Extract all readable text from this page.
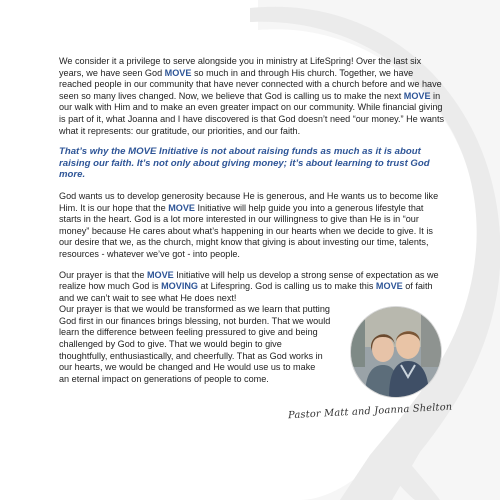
We consider it a privilege to serve alongside you in ministry at LifeSpring! Over the last six years, we have seen God MOVE so much in and through His church. Together, we have reached people in our community that have never connected with a church before and we have seen so many lives changed. Now, we believe that God is calling us to make the next MOVE in our walk with Him and to make an even greater impact on our community. While financial giving is part of it, what Joanna and I have discovered is that God doesn’t need “our money.” He wants what it represents: our gratitude, our priorities, and our faith.

That’s why the MOVE Initiative is not about raising funds as much as it is about raising our faith. It’s not only about giving money; it’s about learning to trust God more.

God wants us to develop generosity because He is generous, and He wants us to become like Him. It is our hope that the MOVE Initiative will help guide you into a generous lifestyle that starts in the heart. God is a lot more interested in our willingness to give than He is in “our money” because He cares about what’s happening in our hearts when we decide to give. It is our desire that we, as the church, might know that giving is about investing our time, talents, resources - whatever we’ve got - into people.

Our prayer is that the MOVE Initiative will help us develop a strong sense of expectation as we realize how much God is MOVING at Lifespring. God is calling us to make this MOVE of faith and we can’t wait to see what He does next!

Our prayer is that we would be transformed as we learn that putting God first in our finances brings blessing, not burden. That we would learn the difference between feeling pressured to give and being challenged by God to give. That we would begin to give thoughtfully, enthusiastically, and cheerfully. That as God works in our hearts, we would be changed and He would use us to make an eternal impact on generations of people to come.

Pastor Matt and Joanna Shelton
